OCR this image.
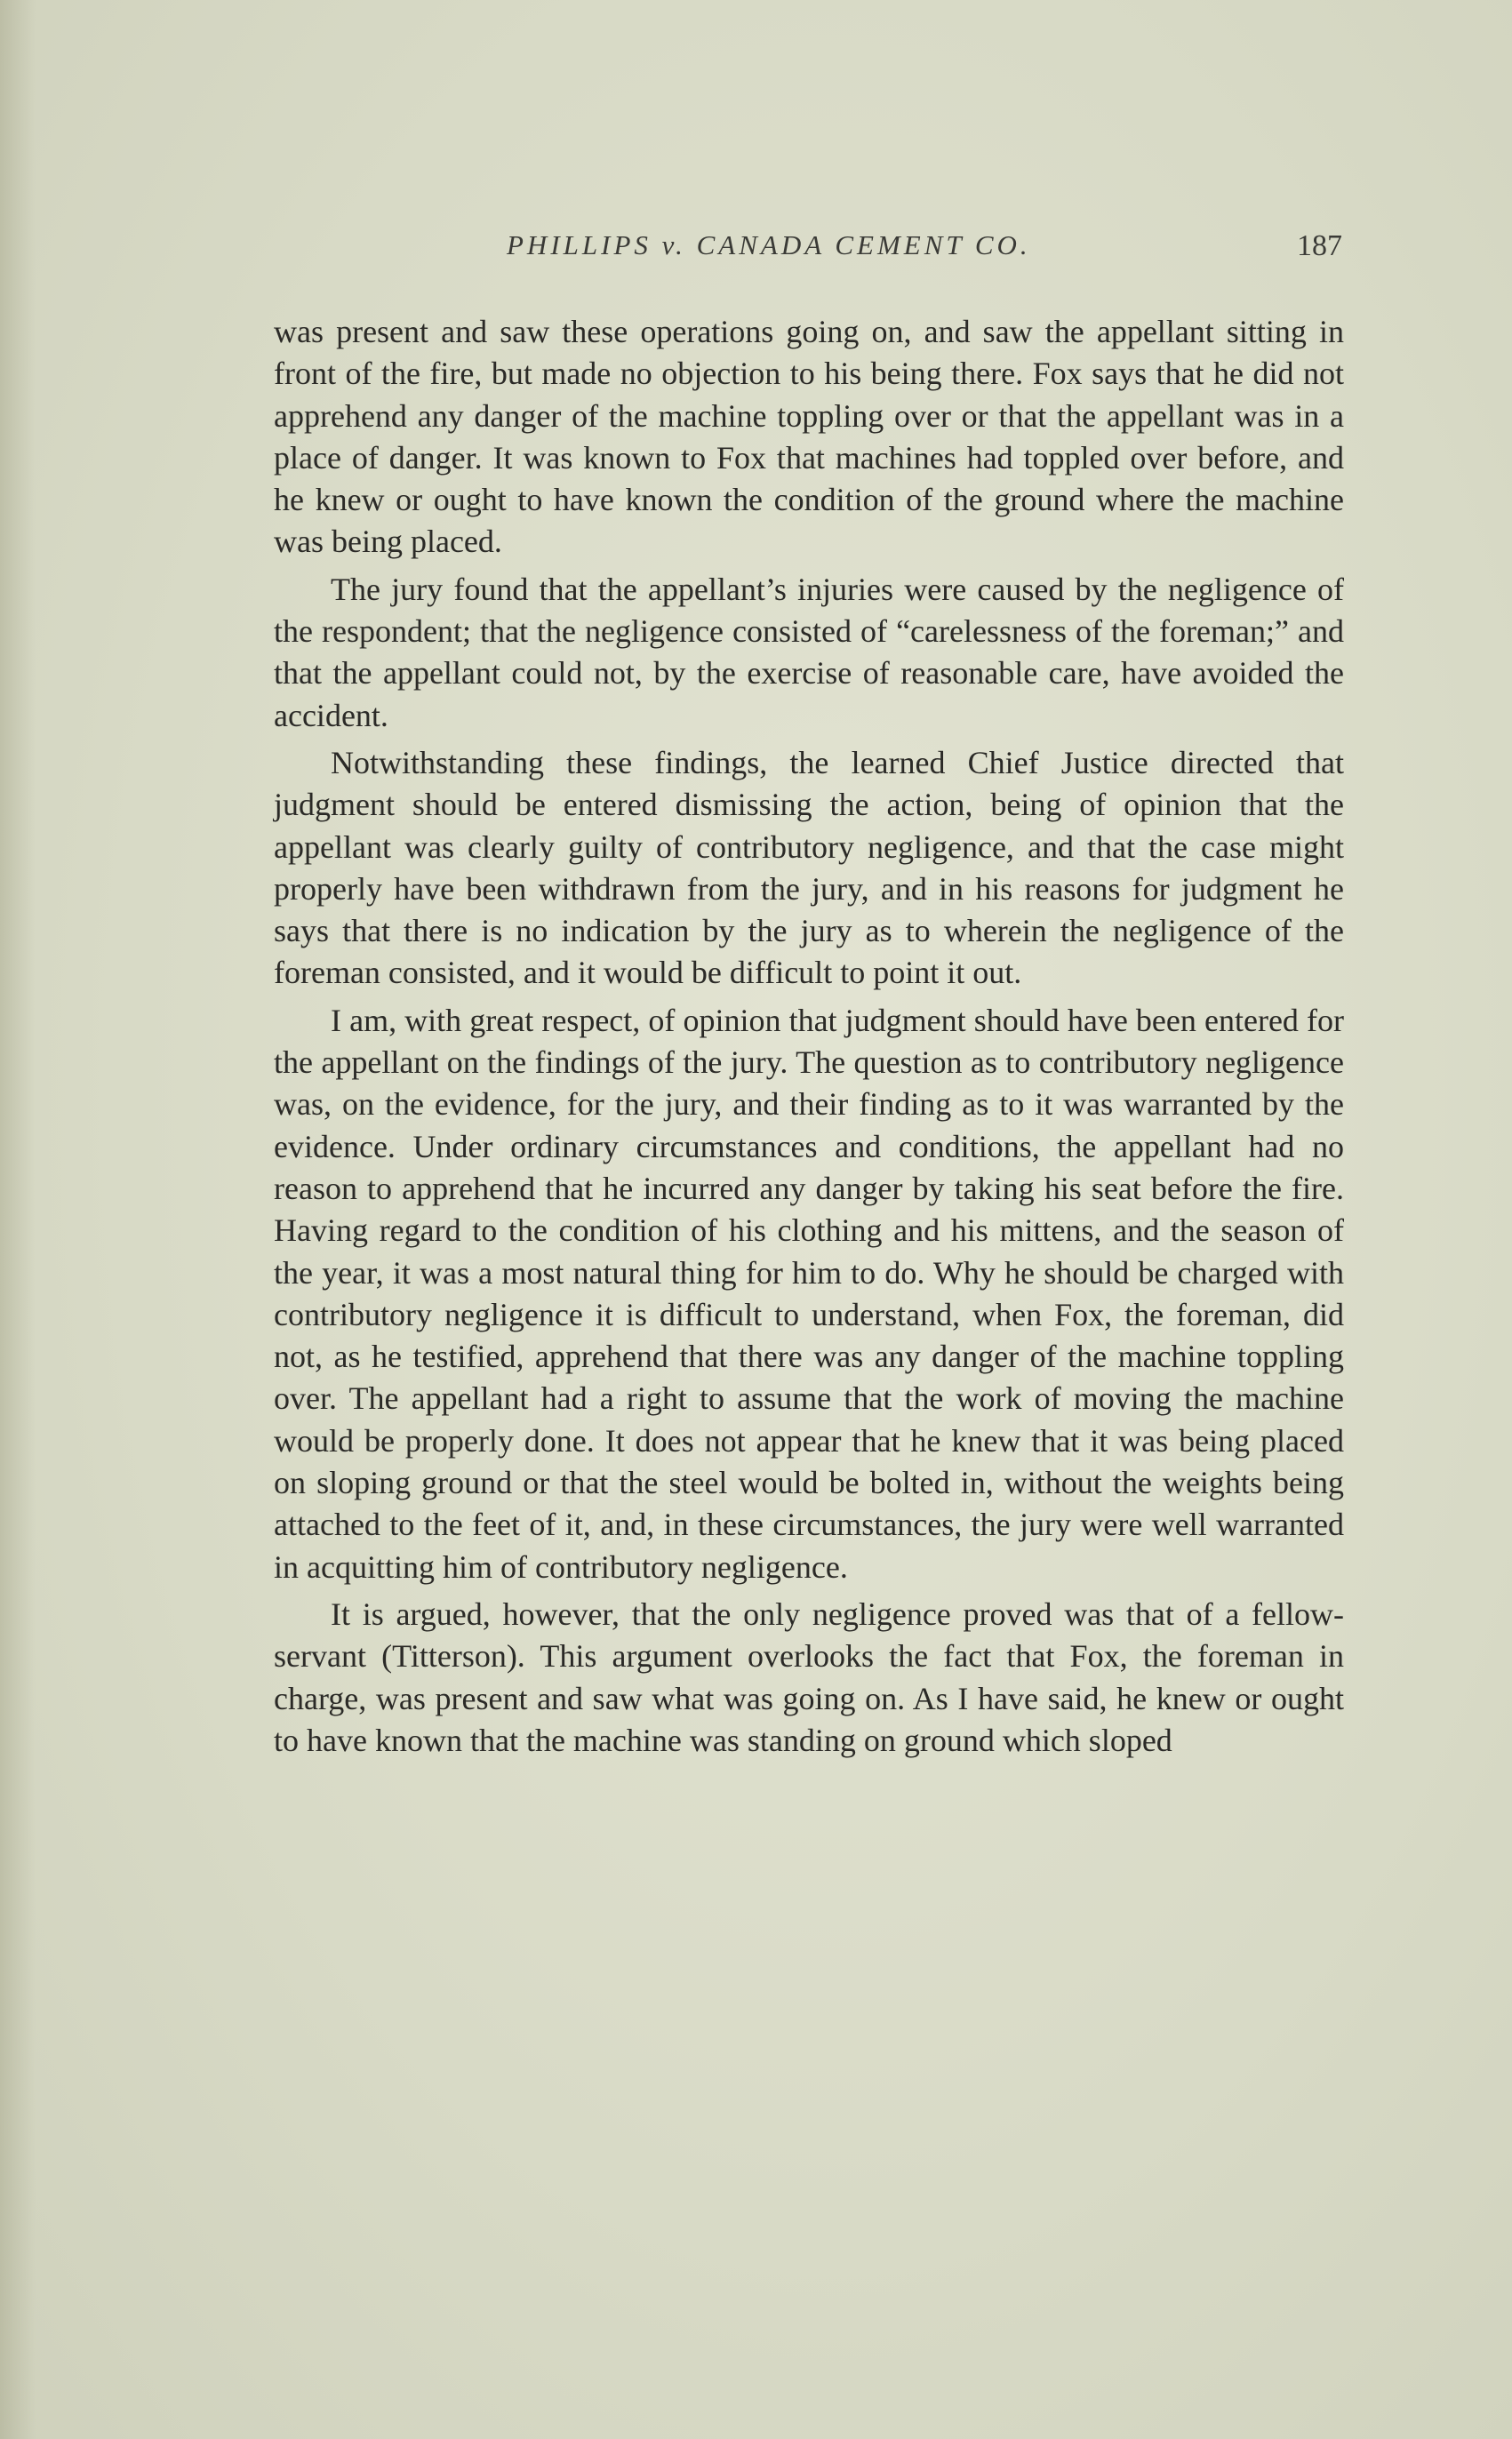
PHILLIPS v. CANADA CEMENT CO.	187

was present and saw these operations going on, and saw the appellant sitting in front of the fire, but made no objection to his being there. Fox says that he did not apprehend any danger of the machine toppling over or that the appellant was in a place of danger. It was known to Fox that machines had toppled over before, and he knew or ought to have known the condition of the ground where the machine was being placed.

The jury found that the appellant’s injuries were caused by the negligence of the respondent; that the negligence consisted of “carelessness of the foreman;” and that the appellant could not, by the exercise of reasonable care, have avoided the accident.

Notwithstanding these findings, the learned Chief Justice directed that judgment should be entered dismissing the action, being of opinion that the appellant was clearly guilty of contributory negligence, and that the case might properly have been withdrawn from the jury, and in his reasons for judgment he says that there is no indication by the jury as to wherein the negligence of the foreman consisted, and it would be difficult to point it out.

I am, with great respect, of opinion that judgment should have been entered for the appellant on the findings of the jury. The question as to contributory negligence was, on the evidence, for the jury, and their finding as to it was warranted by the evidence. Under ordinary circumstances and conditions, the appellant had no reason to apprehend that he incurred any danger by taking his seat before the fire. Having regard to the condition of his clothing and his mittens, and the season of the year, it was a most natural thing for him to do. Why he should be charged with contributory negligence it is difficult to understand, when Fox, the foreman, did not, as he testified, apprehend that there was any danger of the machine toppling over. The appellant had a right to assume that the work of moving the machine would be properly done. It does not appear that he knew that it was being placed on sloping ground or that the steel would be bolted in, without the weights being attached to the feet of it, and, in these circumstances, the jury were well warranted in acquitting him of contributory negligence.

It is argued, however, that the only negligence proved was that of a fellow-servant (Titterson). This argument overlooks the fact that Fox, the foreman in charge, was present and saw what was going on. As I have said, he knew or ought to have known that the machine was standing on ground which sloped
